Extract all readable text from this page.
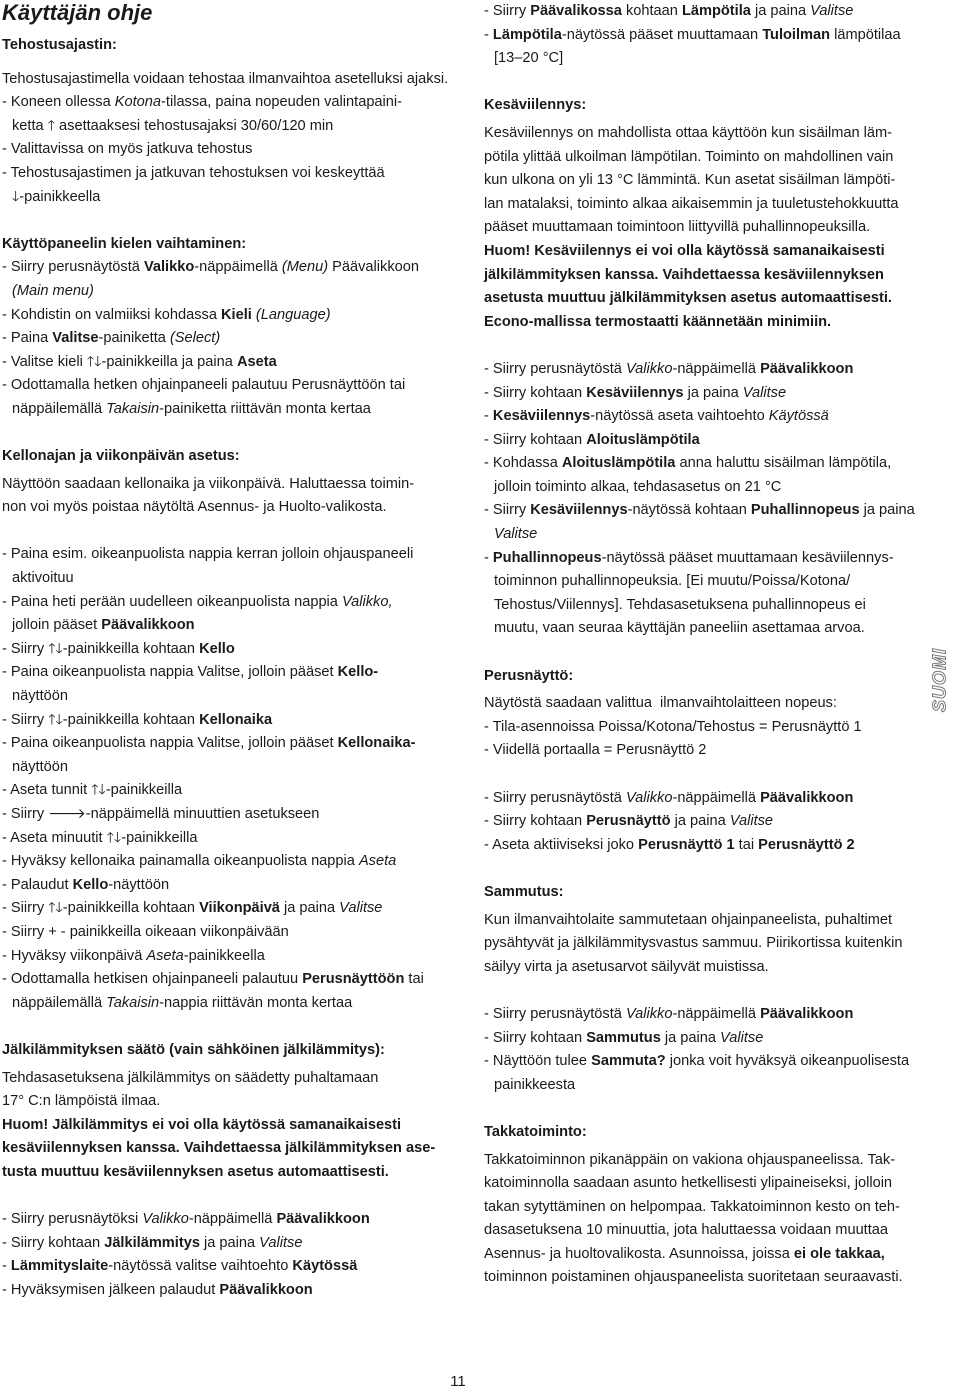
Käyttäjän ohje

Tehostusajastin:

Tehostusajastimella voidaan tehostaa ilmanvaihtoa asetelluksi ajaksi.

- Koneen ollessa Kotona-tilassa, paina nopeuden valintapaini-

ketta 🡑 asettaaksesi tehostusajaksi 30/60/120 min

- Valittavissa on myös jatkuva tehostus

- Tehostusajastimen ja jatkuvan tehostuksen voi keskeyttää

🡓-painikkeella

Käyttöpaneelin kielen vaihtaminen:

- Siirry perusnäytöstä Valikko-näppäimellä (Menu) Päävalikkoon

(Main menu)

- Kohdistin on valmiiksi kohdassa Kieli (Language)

- Paina Valitse-painiketta (Select)

- Valitse kieli 🡑🡓-painikkeilla ja paina Aseta

- Odottamalla hetken ohjainpaneeli palautuu Perusnäyttöön tai

näppäilemällä Takaisin-painiketta riittävän monta kertaa

Kellonajan ja viikonpäivän asetus:

Näyttöön saadaan kellonaika ja viikonpäivä. Haluttaessa toimin-

non voi myös poistaa näytöltä Asennus- ja Huolto-valikosta.

- Paina esim. oikeanpuolista nappia kerran jolloin ohjauspaneeli

aktivoituu

- Paina heti perään uudelleen oikeanpuolista nappia Valikko,

jolloin pääset Päävalikkoon

- Siirry 🡑🡓-painikkeilla kohtaan Kello

- Paina oikeanpuolista nappia Valitse, jolloin pääset Kello-

näyttöön

- Siirry 🡑🡓-painikkeilla kohtaan Kellonaika

- Paina oikeanpuolista nappia Valitse, jolloin pääset Kellonaika-

näyttöön

- Aseta tunnit 🡑🡓-painikkeilla

- Siirry 🡒-näppäimellä minuuttien asetukseen

- Aseta minuutit 🡑🡓-painikkeilla

- Hyväksy kellonaika painamalla oikeanpuolista nappia Aseta

- Palaudut Kello-näyttöön

- Siirry 🡑🡓-painikkeilla kohtaan Viikonpäivä ja paina Valitse

- Siirry + - painikkeilla oikeaan viikonpäivään

- Hyväksy viikonpäivä Aseta-painikkeella

- Odottamalla hetkisen ohjainpaneeli palautuu Perusnäyttöön tai

näppäilemällä Takaisin-nappia riittävän monta kertaa

Jälkilämmityksen säätö (vain sähköinen jälkilämmitys):

Tehdasasetuksena jälkilämmitys on säädetty puhaltamaan

17° C:n lämpöistä ilmaa.

Huom! Jälkilämmitys ei voi olla käytössä samanaikaisesti

kesäviilennyksen kanssa. Vaihdettaessa jälkilämmityksen ase-

tusta muuttuu kesäviilennyksen asetus automaattisesti.

- Siirry perusnäytöksi Valikko-näppäimellä Päävalikkoon

- Siirry kohtaan Jälkilämmitys ja paina Valitse

- Lämmityslaite-näytössä valitse vaihtoehto Käytössä

- Hyväksymisen jälkeen palaudut Päävalikkoon

- Siirry Päävalikossa kohtaan Lämpötila ja paina Valitse

- Lämpötila-näytössä pääset muuttamaan Tuloilman lämpötilaa

[13–20 °C]

Kesäviilennys:

Kesäviilennys on mahdollista ottaa käyttöön kun sisäilman läm-

pötila ylittää ulkoilman lämpötilan. Toiminto on mahdollinen vain

kun ulkona on yli 13 °C lämmintä. Kun asetat sisäilman lämpöti-

lan matalaksi, toiminto alkaa aikaisemmin ja tuuletustehokkuutta

pääset muuttamaan toimintoon liittyvillä puhallinnopeuksilla.

Huom! Kesäviilennys ei voi olla käytössä samanaikaisesti

jälkilämmityksen kanssa. Vaihdettaessa kesäviilennyksen

asetusta muuttuu jälkilämmityksen asetus automaattisesti.

Econo-mallissa termostaatti käännetään minimiin.

- Siirry perusnäytöstä Valikko-näppäimellä Päävalikkoon

- Siirry kohtaan Kesäviilennys ja paina Valitse

- Kesäviilennys-näytössä aseta vaihtoehto Käytössä

- Siirry kohtaan Aloituslämpötila

- Kohdassa Aloituslämpötila anna haluttu sisäilman lämpötila,

jolloin toiminto alkaa, tehdasasetus on 21 °C

- Siirry Kesäviilennys-näytössä kohtaan Puhallinnopeus ja paina

Valitse

- Puhallinnopeus-näytössä pääset muuttamaan kesäviilennys-

toiminnon puhallinnopeuksia. [Ei muutu/Poissa/Kotona/

Tehostus/Viilennys]. Tehdasasetuksena puhallinnopeus ei

muutu, vaan seuraa käyttäjän paneeliin asettamaa arvoa.

Perusnäyttö:

Näytöstä saadaan valittua  ilmanvaihtolaitteen nopeus:

- Tila-asennoissa Poissa/Kotona/Tehostus = Perusnäyttö 1

- Viidellä portaalla = Perusnäyttö 2

- Siirry perusnäytöstä Valikko-näppäimellä Päävalikkoon

- Siirry kohtaan Perusnäyttö ja paina Valitse

- Aseta aktiiviseksi joko Perusnäyttö 1 tai Perusnäyttö 2

Sammutus:

Kun ilmanvaihtolaite sammutetaan ohjainpaneelista, puhaltimet

pysähtyvät ja jälkilämmitysvastus sammuu. Piirikortissa kuitenkin

säilyy virta ja asetusarvot säilyvät muistissa.

- Siirry perusnäytöstä Valikko-näppäimellä Päävalikkoon

- Siirry kohtaan Sammutus ja paina Valitse

- Näyttöön tulee Sammuta? jonka voit hyväksyä oikeanpuolisesta

painikkeesta

Takkatoiminto:

Takkatoiminnon pikanäppäin on vakiona ohjauspaneelissa. Tak-

katoiminnolla saadaan asunto hetkellisesti ylipaineiseksi, jolloin

takan sytyttäminen on helpompaa. Takkatoiminnon kesto on teh-

dasasetuksena 10 minuuttia, jota haluttaessa voidaan muuttaa

Asennus- ja huoltovalikosta. Asunnoissa, joissa ei ole takkaa,

toiminnon poistaminen ohjauspaneelista suoritetaan seuraavasti.

SUOMI
11
